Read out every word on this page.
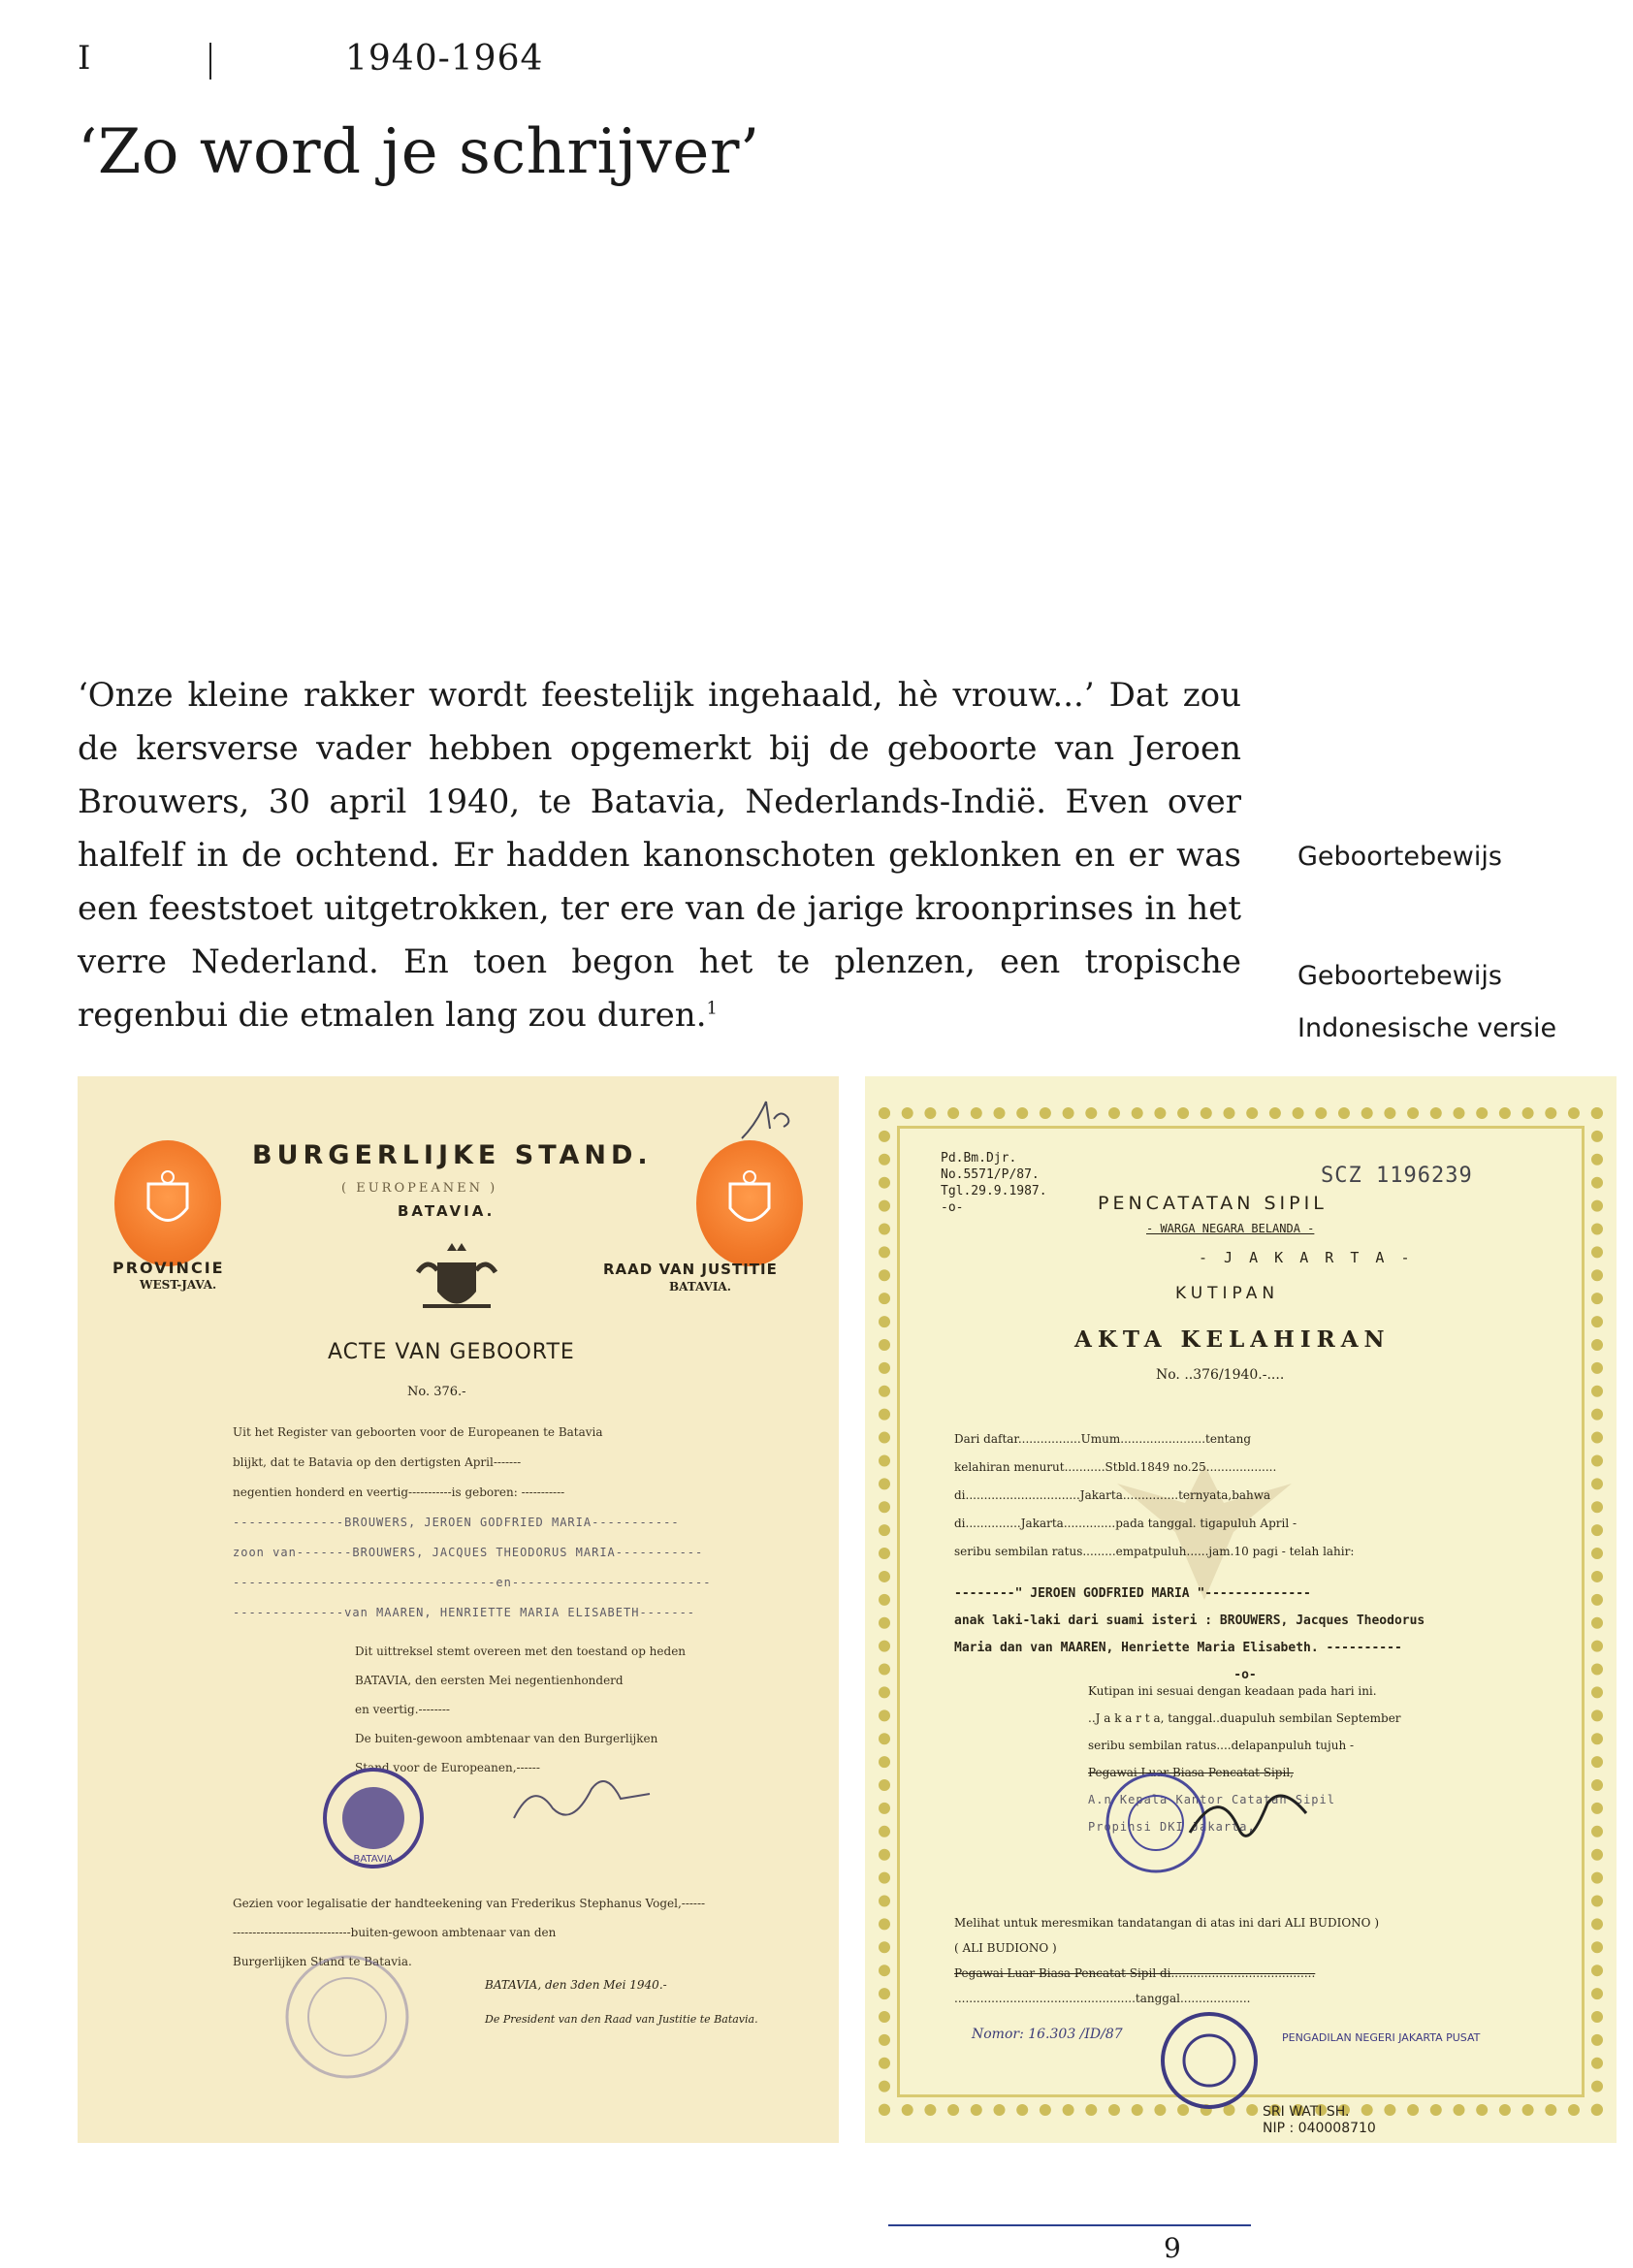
I	1940-1964
‘Zo word je schrijver’

‘Onze kleine rakker wordt feestelijk ingehaald, hè vrouw...’ Dat zou de kersverse vader hebben opgemerkt bij de geboorte van Jeroen Brouwers, 30 april 1940, te Batavia, Nederlands-Indië. Even over halfelf in de ochtend. Er hadden kanonschoten geklonken en er was een feeststoet uitgetrokken, ter ere van de jarige kroonprinses in het verre Nederland. En toen begon het te plenzen, een tropische regenbui die etmalen lang zou duren.$^1$

Geboortebewijs
Geboortebewijs
Indonesische versie
BURGERLIJKE STAND.
( EUROPEANEN )
BATAVIA.
PROVINCIE
WEST-JAVA.
RAAD VAN JUSTITIE
BATAVIA.
ACTE VAN GEBOORTE
No. 376.-
Uit het Register van geboorten voor de Europeanen te Batavia
blijkt, dat te Batavia op den dertigsten April-------
negentien honderd en veertig-----------is geboren: -----------
--------------BROUWERS, JEROEN GODFRIED MARIA-----------
zoon van-------BROUWERS, JACQUES THEODORUS MARIA-----------
---------------------------------en-------------------------
--------------van MAAREN, HENRIETTE MARIA ELISABETH-------
Dit uittreksel stemt overeen met den toestand op heden
BATAVIA, den eersten Mei negentienhonderd
en veertig.--------
De buiten-gewoon ambtenaar van den Burgerlijken
Stand voor de Europeanen,------
BATAVIA
Gezien voor legalisatie der handteekening van Frederikus Stephanus Vogel,------
------------------------------buiten-gewoon ambtenaar van den
Burgerlijken Stand te Batavia.
BATAVIA, den 3den Mei 1940.-
De President van den Raad van Justitie te Batavia.
Pd.Bm.Djr.
No.5571/P/87.
Tgl.29.9.1987.
-o-
SCZ 1196239
PENCATATAN SIPIL
- WARGA NEGARA BELANDA -
- J A K A R T A -
KUTIPAN
AKTA KELAHIRAN
No. ..376/1940.-....
Dari daftar.................Umum.......................tentang
kelahiran menurut...........Stbld.1849 no.25...................
di...............................Jakarta...............ternyata,bahwa
di...............Jakarta..............pada tanggal. tigapuluh April -
seribu sembilan ratus.........empatpuluh......jam.10 pagi - telah lahir:
--------" JEROEN GODFRIED MARIA "--------------
anak laki-laki dari suami isteri : BROUWERS, Jacques Theodorus
Maria dan van MAAREN, Henriette Maria Elisabeth. ----------
-o-
Kutipan ini sesuai dengan keadaan pada hari ini.
..J a k a r t a, tanggal..duapuluh sembilan September
seribu sembilan ratus....delapanpuluh tujuh -
Pegawai Luar Biasa Pencatat Sipil,
A.n Kepala Kantor Catatan Sipil
Propinsi DKI Jakarta,
Melihat untuk meresmikan tandatangan di atas ini dari ALI BUDIONO )
( ALI BUDIONO )
Pegawai Luar Biasa Pencatat Sipil di.......................................
.................................................tanggal...................
Nomor: 16.303 /ID/87	PENGADILAN NEGERI JAKARTA PUSAT
SRI WATI SH.
NIP : 040008710
9
